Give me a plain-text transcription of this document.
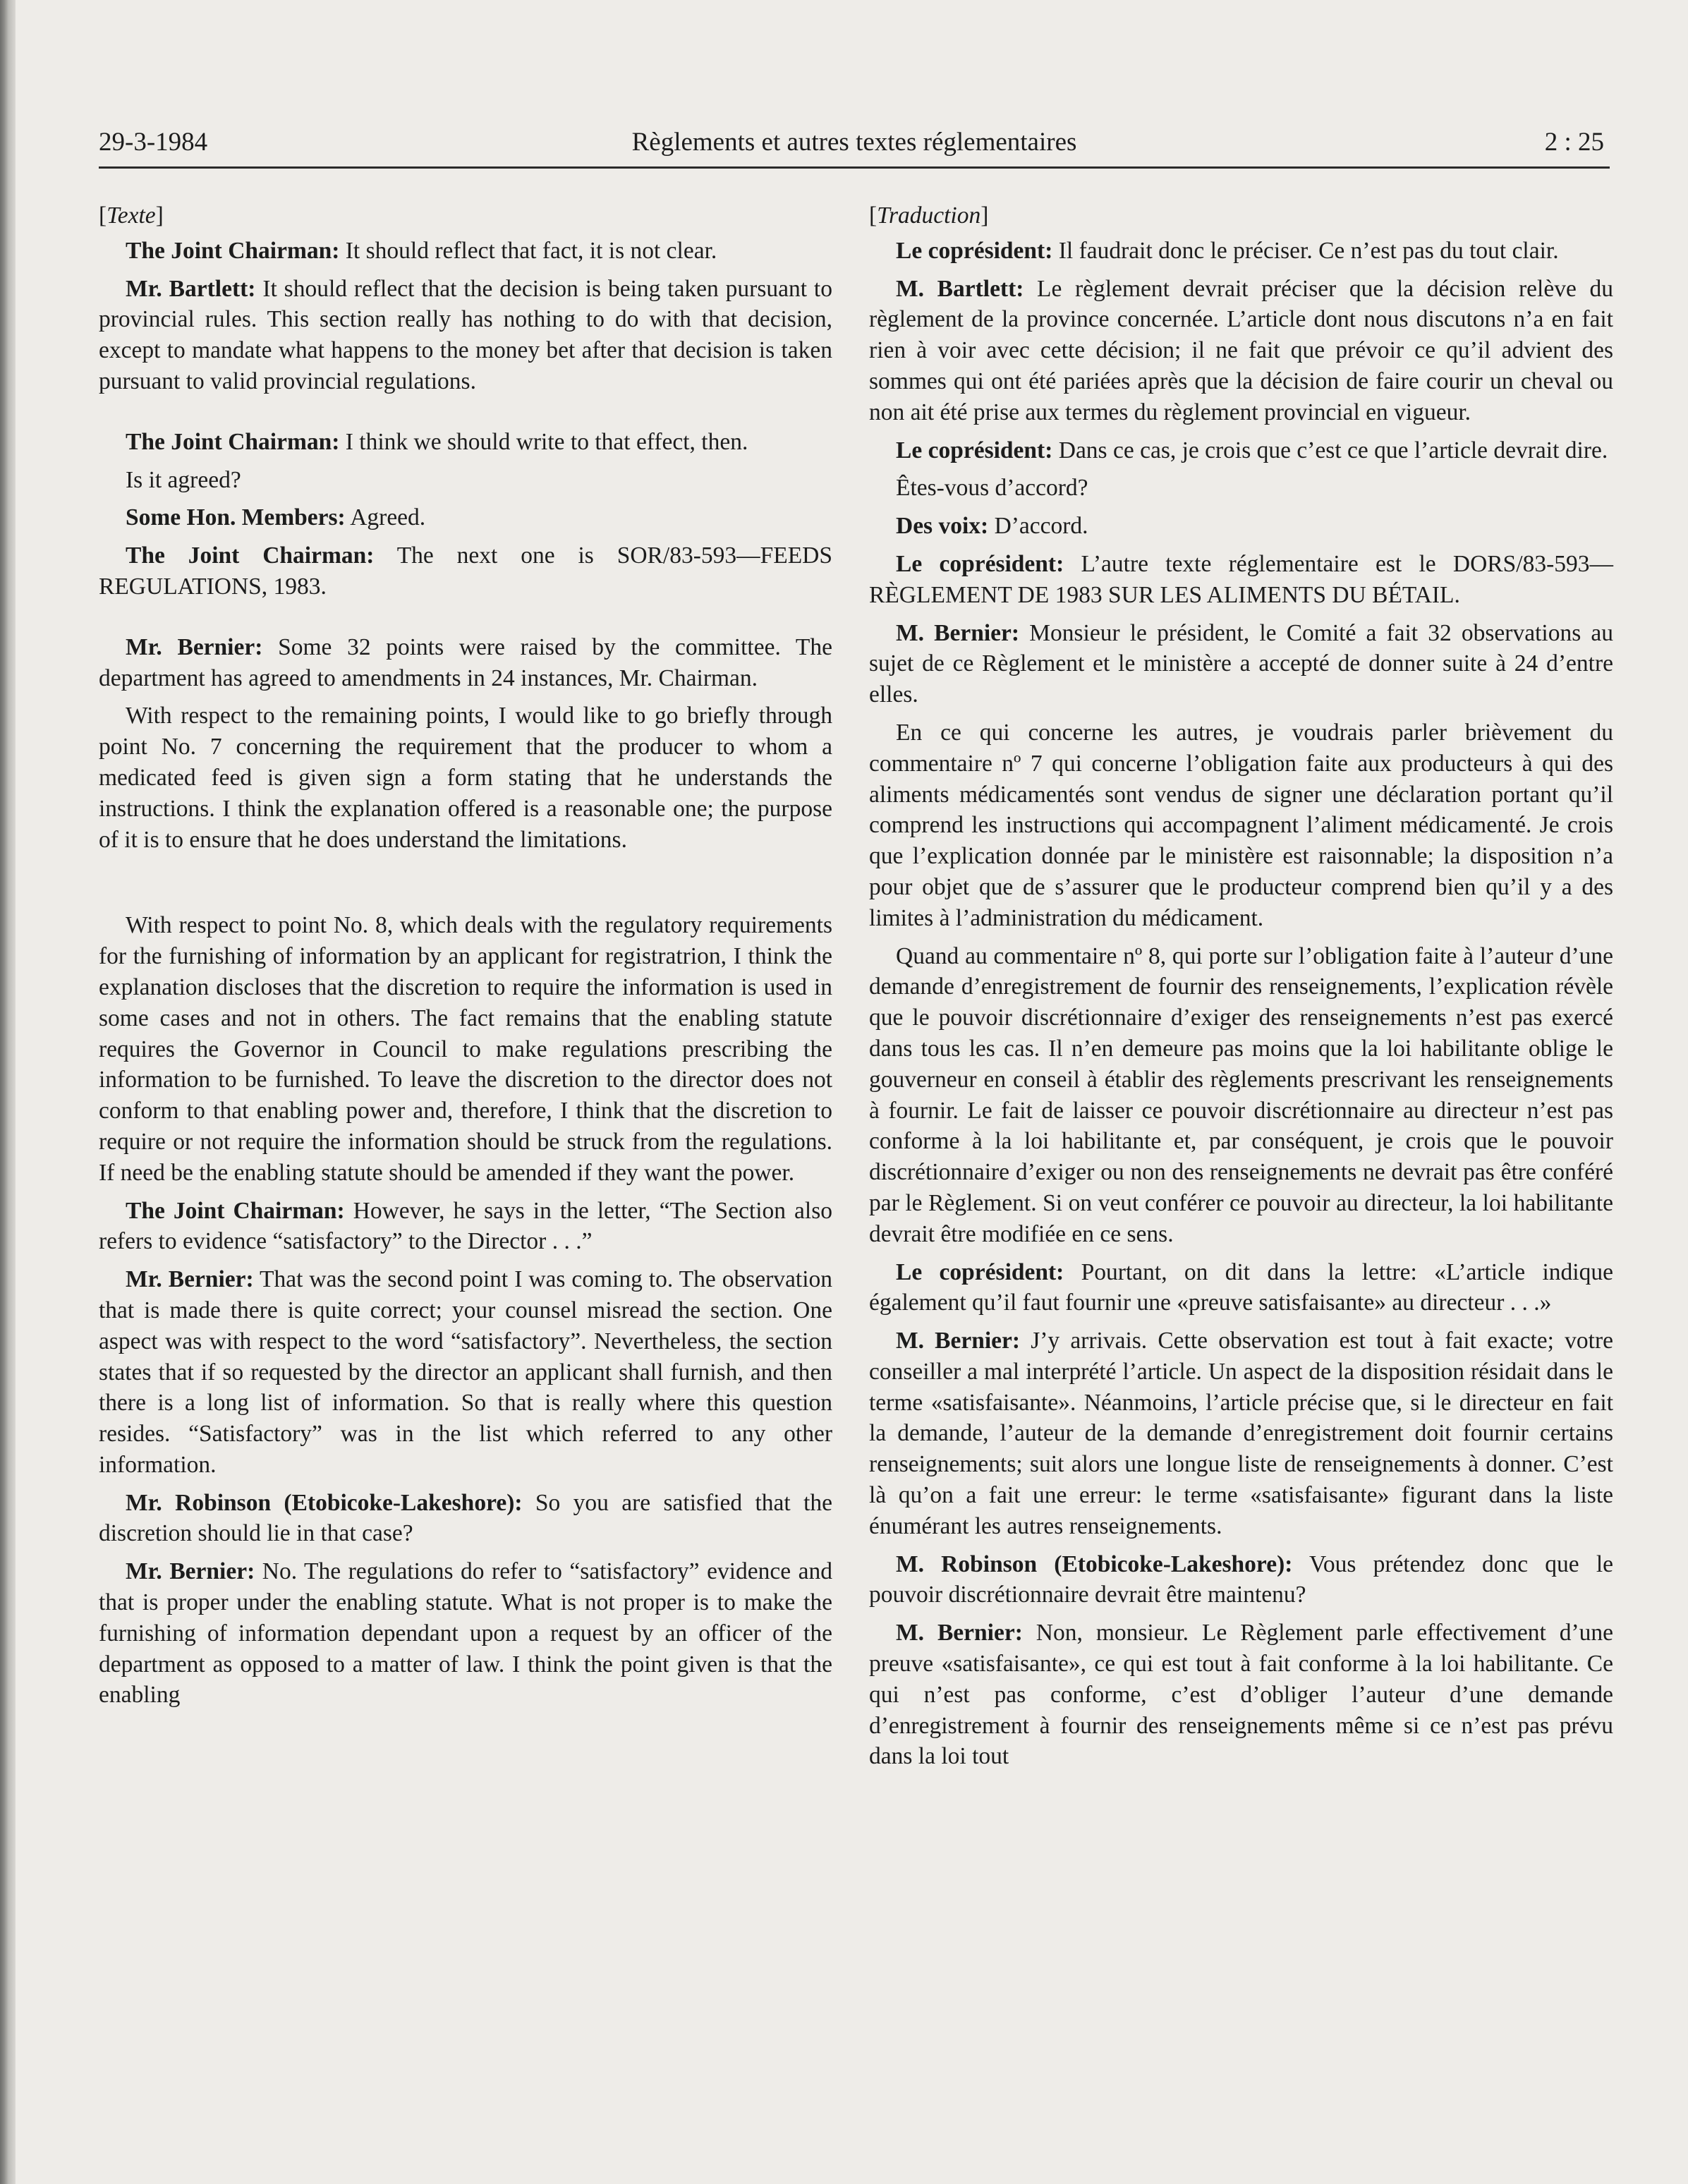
29-3-1984	Règlements et autres textes réglementaires	2 : 25

[Texte]

The Joint Chairman: It should reflect that fact, it is not clear.

Mr. Bartlett: It should reflect that the decision is being taken pursuant to provincial rules. This section really has nothing to do with that decision, except to mandate what happens to the money bet after that decision is taken pursuant to valid provincial regulations.

The Joint Chairman: I think we should write to that effect, then.

Is it agreed?

Some Hon. Members: Agreed.

The Joint Chairman: The next one is SOR/83-593—FEEDS REGULATIONS, 1983.

Mr. Bernier: Some 32 points were raised by the committee. The department has agreed to amendments in 24 instances, Mr. Chairman.

With respect to the remaining points, I would like to go briefly through point No. 7 concerning the requirement that the producer to whom a medicated feed is given sign a form stating that he understands the instructions. I think the explanation offered is a reasonable one; the purpose of it is to ensure that he does understand the limitations.

With respect to point No. 8, which deals with the regulatory requirements for the furnishing of information by an applicant for registratrion, I think the explanation discloses that the discretion to require the information is used in some cases and not in others. The fact remains that the enabling statute requires the Governor in Council to make regulations prescribing the information to be furnished. To leave the discretion to the director does not conform to that enabling power and, therefore, I think that the discretion to require or not require the information should be struck from the regulations. If need be the enabling statute should be amended if they want the power.

The Joint Chairman: However, he says in the letter, “The Section also refers to evidence “satisfactory” to the Director . . .”

Mr. Bernier: That was the second point I was coming to. The observation that is made there is quite correct; your counsel misread the section. One aspect was with respect to the word “satisfactory”. Nevertheless, the section states that if so requested by the director an applicant shall furnish, and then there is a long list of information. So that is really where this question resides. “Satisfactory” was in the list which referred to any other information.

Mr. Robinson (Etobicoke-Lakeshore): So you are satisfied that the discretion should lie in that case?

Mr. Bernier: No. The regulations do refer to “satisfactory” evidence and that is proper under the enabling statute. What is not proper is to make the furnishing of information dependant upon a request by an officer of the department as opposed to a matter of law. I think the point given is that the enabling

[Traduction]

Le coprésident: Il faudrait donc le préciser. Ce n’est pas du tout clair.

M. Bartlett: Le règlement devrait préciser que la décision relève du règlement de la province concernée. L’article dont nous discutons n’a en fait rien à voir avec cette décision; il ne fait que prévoir ce qu’il advient des sommes qui ont été pariées après que la décision de faire courir un cheval ou non ait été prise aux termes du règlement provincial en vigueur.

Le coprésident: Dans ce cas, je crois que c’est ce que l’article devrait dire.

Êtes-vous d’accord?

Des voix: D’accord.

Le coprésident: L’autre texte réglementaire est le DORS/83-593—RÈGLEMENT DE 1983 SUR LES ALIMENTS DU BÉTAIL.

M. Bernier: Monsieur le président, le Comité a fait 32 observations au sujet de ce Règlement et le ministère a accepté de donner suite à 24 d’entre elles.

En ce qui concerne les autres, je voudrais parler brièvement du commentaire nº 7 qui concerne l’obligation faite aux producteurs à qui des aliments médicamentés sont vendus de signer une déclaration portant qu’il comprend les instructions qui accompagnent l’aliment médicamenté. Je crois que l’explication donnée par le ministère est raisonnable; la disposition n’a pour objet que de s’assurer que le producteur comprend bien qu’il y a des limites à l’administration du médicament.

Quand au commentaire nº 8, qui porte sur l’obligation faite à l’auteur d’une demande d’enregistrement de fournir des renseignements, l’explication révèle que le pouvoir discrétionnaire d’exiger des renseignements n’est pas exercé dans tous les cas. Il n’en demeure pas moins que la loi habilitante oblige le gouverneur en conseil à établir des règlements prescrivant les renseignements à fournir. Le fait de laisser ce pouvoir discrétionnaire au directeur n’est pas conforme à la loi habilitante et, par conséquent, je crois que le pouvoir discrétionnaire d’exiger ou non des renseignements ne devrait pas être conféré par le Règlement. Si on veut conférer ce pouvoir au directeur, la loi habilitante devrait être modifiée en ce sens.

Le coprésident: Pourtant, on dit dans la lettre: «L’article indique également qu’il faut fournir une «preuve satisfaisante» au directeur . . .»

M. Bernier: J’y arrivais. Cette observation est tout à fait exacte; votre conseiller a mal interprété l’article. Un aspect de la disposition résidait dans le terme «satisfaisante». Néanmoins, l’article précise que, si le directeur en fait la demande, l’auteur de la demande d’enregistrement doit fournir certains renseignements; suit alors une longue liste de renseignements à donner. C’est là qu’on a fait une erreur: le terme «satisfaisante» figurant dans la liste énumérant les autres renseignements.

M. Robinson (Etobicoke-Lakeshore): Vous prétendez donc que le pouvoir discrétionnaire devrait être maintenu?

M. Bernier: Non, monsieur. Le Règlement parle effectivement d’une preuve «satisfaisante», ce qui est tout à fait conforme à la loi habilitante. Ce qui n’est pas conforme, c’est d’obliger l’auteur d’une demande d’enregistrement à fournir des renseignements même si ce n’est pas prévu dans la loi tout
